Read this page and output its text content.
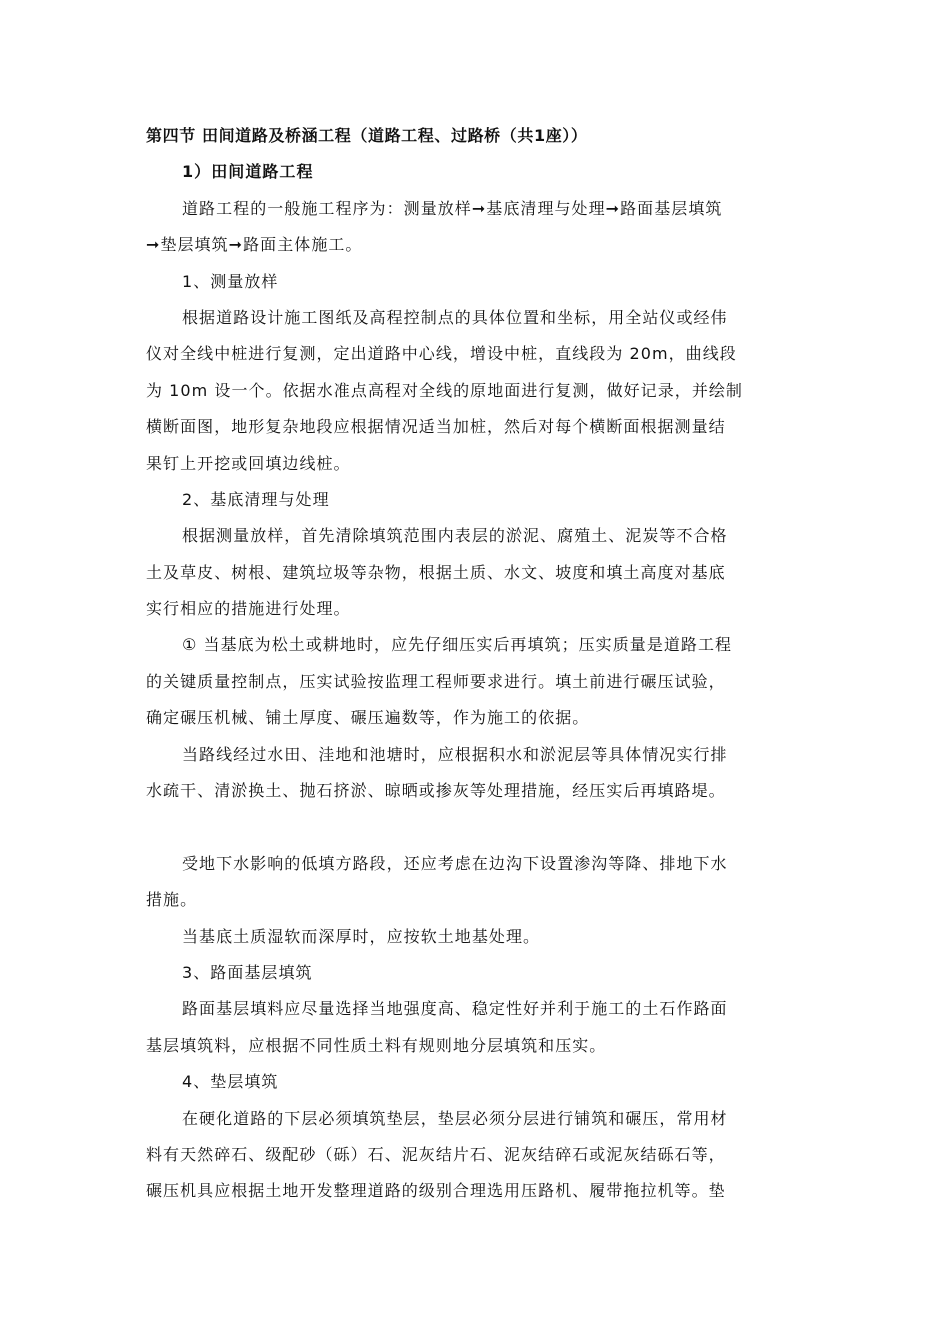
第四节 田间道路及桥涵工程（道路工程、过路桥（共1座））
1）田间道路工程
道路工程的一般施工程序为：测量放样➞基底清理与处理➞路面基层填筑
➞垫层填筑➞路面主体施工。
1、测量放样
根据道路设计施工图纸及高程控制点的具体位置和坐标，用全站仪或经伟
仪对全线中桩进行复测，定出道路中心线，增设中桩，直线段为 20m，曲线段
为 10m 设一个。依据水准点高程对全线的原地面进行复测，做好记录，并绘制
横断面图，地形复杂地段应根据情况适当加桩，然后对每个横断面根据测量结
果钉上开挖或回填边线桩。
2、基底清理与处理
根据测量放样，首先清除填筑范围内表层的淤泥、腐殖土、泥炭等不合格
土及草皮、树根、建筑垃圾等杂物，根据土质、水文、坡度和填土高度对基底
实行相应的措施进行处理。
① 当基底为松土或耕地时，应先仔细压实后再填筑；压实质量是道路工程
的关键质量控制点，压实试验按监理工程师要求进行。填土前进行碾压试验，
确定碾压机械、铺土厚度、碾压遍数等，作为施工的依据。
当路线经过水田、洼地和池塘时，应根据积水和淤泥层等具体情况实行排
水疏干、清淤换土、抛石挤淤、晾晒或掺灰等处理措施，经压实后再填路堤。
受地下水影响的低填方路段，还应考虑在边沟下设置渗沟等降、排地下水
措施。
当基底土质湿软而深厚时，应按软土地基处理。
3、路面基层填筑
路面基层填料应尽量选择当地强度高、稳定性好并利于施工的土石作路面
基层填筑料，应根据不同性质土料有规则地分层填筑和压实。
4、垫层填筑
在硬化道路的下层必须填筑垫层，垫层必须分层进行铺筑和碾压，常用材
料有天然碎石、级配砂（砾）石、泥灰结片石、泥灰结碎石或泥灰结砾石等，
碾压机具应根据土地开发整理道路的级别合理选用压路机、履带拖拉机等。垫
